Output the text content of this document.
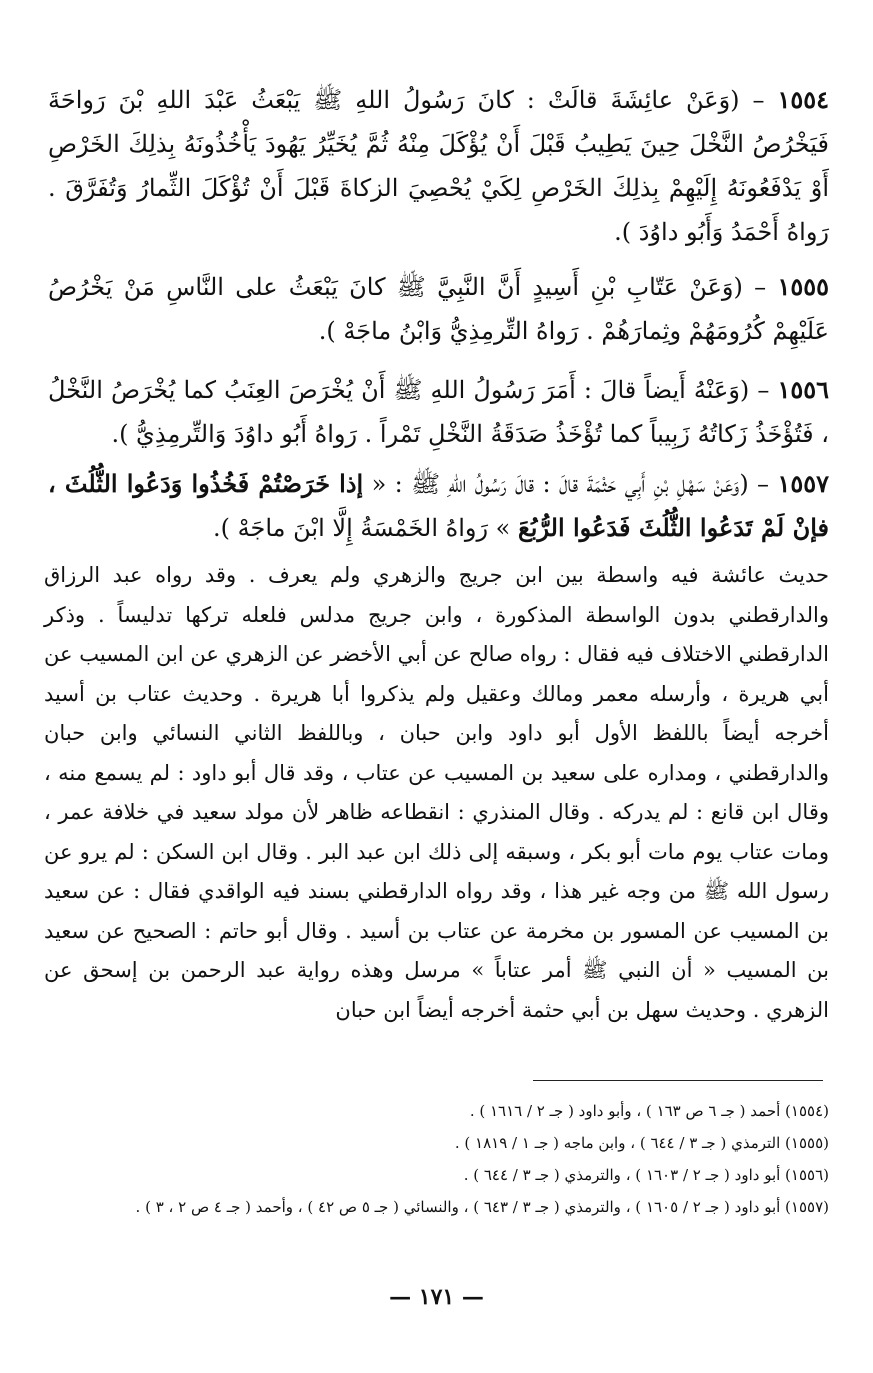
١٥٥٤ – (وَعَنْ عائِشَةَ قالَتْ : كانَ رَسُولُ اللهِ ﷺ يَبْعَثُ عَبْدَ اللهِ بْنَ رَواحَةَ فَيَخْرُصُ النَّخْلَ حِينَ يَطِيبُ قَبْلَ أَنْ يُؤْكَلَ مِنْهُ ثُمَّ يُخَيِّرُ يَهُودَ يَأْخُذُونَهُ بِذلِكَ الخَرْصِ أَوْ يَدْفَعُونَهُ إِلَيْهِمْ بِذلِكَ الخَرْصِ لِكَيْ يُحْصِيَ الزكاةَ قَبْلَ أَنْ تُؤْكَلَ الثِّمارُ وَتُفَرَّقَ . رَواهُ أَحْمَدُ وَأَبُو داوُدَ ).
١٥٥٥ – (وَعَنْ عَتّابِ بْنِ أَسِيدٍ أَنَّ النَّبِيَّ ﷺ كانَ يَبْعَثُ على النَّاسِ مَنْ يَخْرُصُ عَلَيْهِمْ كُرُومَهُمْ وثِمارَهُمْ . رَواهُ التِّرمِذِيُّ وَابْنُ ماجَهْ ).
١٥٥٦ – (وَعَنْهُ أَيضاً قالَ : أَمَرَ رَسُولُ اللهِ ﷺ أَنْ يُخْرَصَ العِنَبُ كما يُخْرَصُ النَّخْلُ ، فَتُؤْخَذُ زَكاتُهُ زَبِيباً كما تُؤْخَذُ صَدَقَةُ النَّخْلِ تَمْراً . رَواهُ أَبُو داوُدَ وَالتِّرمِذِيُّ ).
١٥٥٧ – (وَعَنْ سَهْلِ بْنِ أَبِي حَثْمَةَ قالَ : قالَ رَسُولُ اللهِ ﷺ : « إذا خَرَصْتُمْ فَخُذُوا وَدَعُوا الثُّلُثَ ، فإنْ لَمْ تَدَعُوا الثُّلُثَ فَدَعُوا الرُّبُعَ » رَواهُ الخَمْسَةُ إِلَّا ابْنَ ماجَهْ ).
حديث عائشة فيه واسطة بين ابن جريج والزهري ولم يعرف . وقد رواه عبد الرزاق والدارقطني بدون الواسطة المذكورة ، وابن جريج مدلس فلعله تركها تدليساً . وذكر الدارقطني الاختلاف فيه فقال : رواه صالح عن أبي الأخضر عن الزهري عن ابن المسيب عن أبي هريرة ، وأرسله معمر ومالك وعقيل ولم يذكروا أبا هريرة . وحديث عتاب بن أسيد أخرجه أيضاً باللفظ الأول أبو داود وابن حبان ، وباللفظ الثاني النسائي وابن حبان والدارقطني ، ومداره على سعيد بن المسيب عن عتاب ، وقد قال أبو داود : لم يسمع منه ، وقال ابن قانع : لم يدركه . وقال المنذري : انقطاعه ظاهر لأن مولد سعيد في خلافة عمر ، ومات عتاب يوم مات أبو بكر ، وسبقه إلى ذلك ابن عبد البر . وقال ابن السكن : لم يرو عن رسول الله ﷺ من وجه غير هذا ، وقد رواه الدارقطني بسند فيه الواقدي فقال : عن سعيد بن المسيب عن المسور بن مخرمة عن عتاب بن أسيد . وقال أبو حاتم : الصحيح عن سعيد بن المسيب « أن النبي ﷺ أمر عتاباً » مرسل وهذه رواية عبد الرحمن بن إسحق عن الزهري . وحديث سهل بن أبي حثمة أخرجه أيضاً ابن حبان
(١٥٥٤) أحمد ( جـ ٦ ص ١٦٣ ) ، وأبو داود ( جـ ٢ / ١٦١٦ ) .
(١٥٥٥) الترمذي ( جـ ٣ / ٦٤٤ ) ، وابن ماجه ( جـ ١ / ١٨١٩ ) .
(١٥٥٦) أبو داود ( جـ ٢ / ١٦٠٣ ) ، والترمذي ( جـ ٣ / ٦٤٤ ) .
(١٥٥٧) أبو داود ( جـ ٢ / ١٦٠٥ ) ، والترمذي ( جـ ٣ / ٦٤٣ ) ، والنسائي ( جـ ٥ ص ٤٢ ) ، وأحمد ( جـ ٤ ص ٢ ، ٣ ) .
— ١٧١ —
